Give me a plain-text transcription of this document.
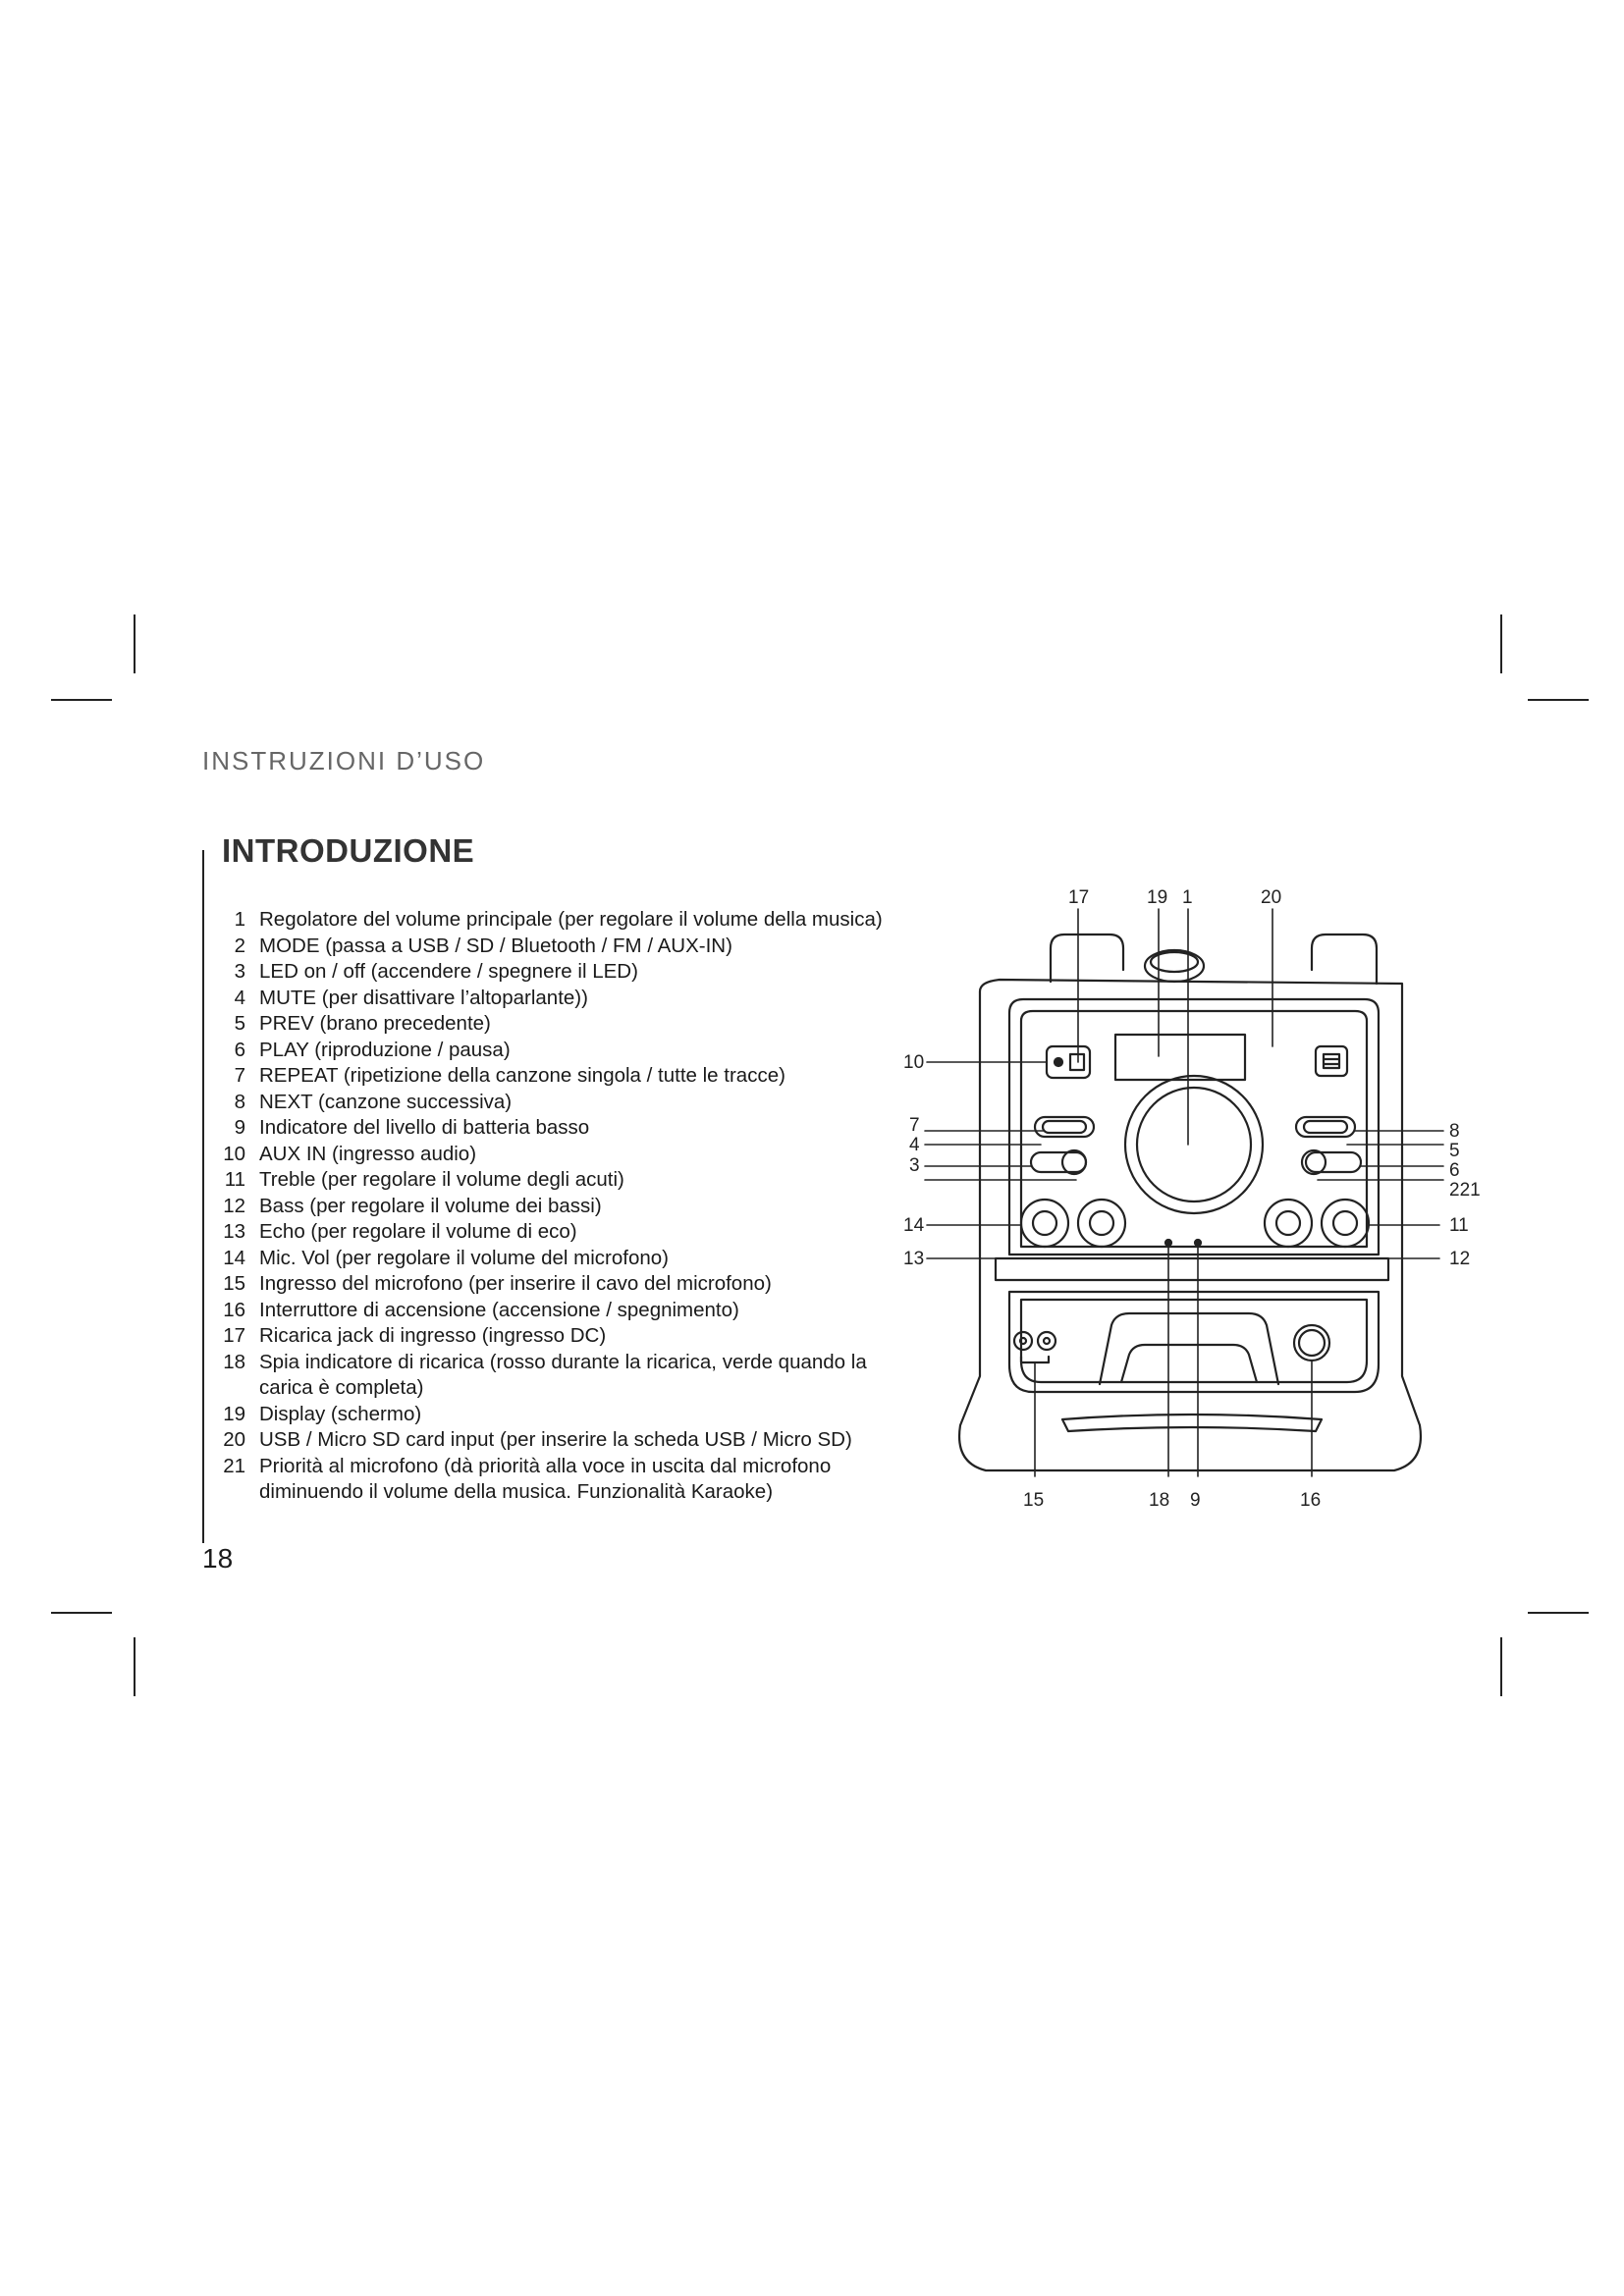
INSTRUZIONI D’USO
INTRODUZIONE
1 Regolatore del volume principale (per regolare il volume della musica)
2 MODE (passa a USB / SD / Bluetooth / FM / AUX-IN)
3 LED on / off (accendere / spegnere il LED)
4 MUTE (per disattivare l’altoparlante))
5 PREV (brano precedente)
6 PLAY (riproduzione / pausa)
7 REPEAT (ripetizione della canzone singola / tutte le tracce)
8 NEXT (canzone successiva)
9 Indicatore del livello di batteria basso
10 AUX IN (ingresso audio)
11 Treble (per regolare il volume degli acuti)
12 Bass (per regolare il volume dei bassi)
13 Echo (per regolare il volume di eco)
14 Mic. Vol (per regolare il volume del microfono)
15 Ingresso del microfono (per inserire il cavo del microfono)
16 Interruttore di accensione (accensione / spegnimento)
17 Ricarica jack di ingresso (ingresso DC)
18 Spia indicatore di ricarica (rosso durante la ricarica, verde quando la carica è completa)
19 Display (schermo)
20 USB / Micro SD card input (per inserire la scheda USB / Micro SD)
21 Priorità al microfono (dà priorità alla voce in uscita dal microfono diminuendo il volume della musica. Funzionalità Karaoke)
18
17	19 1	20
10
7
4
3
14
13
8
5
6
221
11
12
15	18 9	16
